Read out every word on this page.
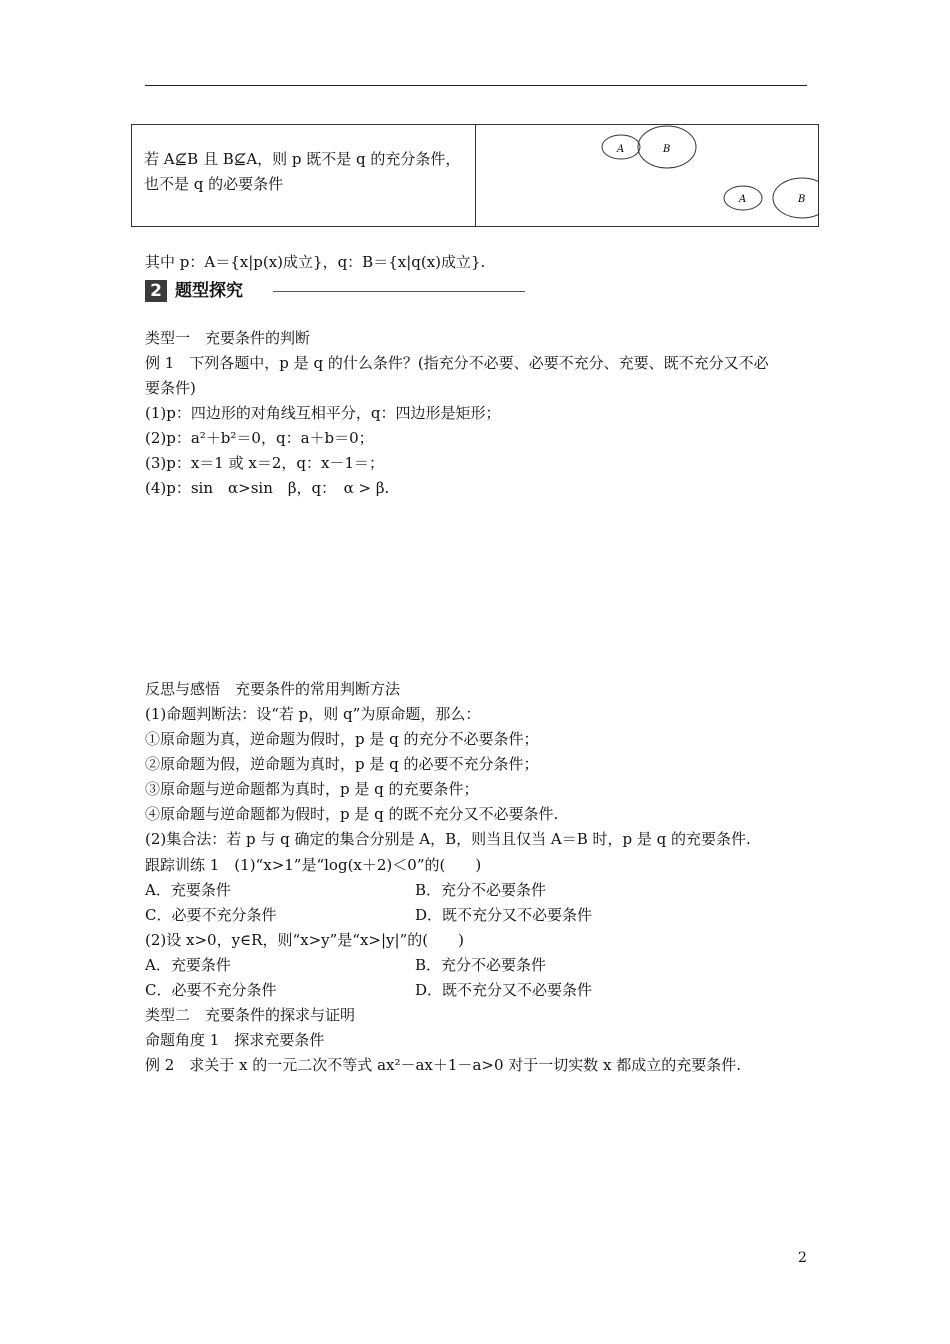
若 A⊈B 且 B⊈A，则 p 既不是 q 的充分条件，也不是 q 的必要条件
A	B
A	B
其中 p：A＝{x|p(x)成立}，q：B＝{x|q(x)成立}.
2 题型探究
类型一　充要条件的判断
例 1　下列各题中，p 是 q 的什么条件？(指充分不必要、必要不充分、充要、既不充分又不必
要条件)
(1)p：四边形的对角线互相平分，q：四边形是矩形；
(2)p：a²＋b²＝0，q：a＋b＝0；
(3)p：x＝1 或 x＝2，q：x－1＝；
(4)p：sin　α>sin　β，q：　α > β.
反思与感悟　充要条件的常用判断方法
(1)命题判断法：设“若 p，则 q”为原命题，那么：
①原命题为真，逆命题为假时，p 是 q 的充分不必要条件；
②原命题为假，逆命题为真时，p 是 q 的必要不充分条件；
③原命题与逆命题都为真时，p 是 q 的充要条件；
④原命题与逆命题都为假时，p 是 q 的既不充分又不必要条件.
(2)集合法：若 p 与 q 确定的集合分别是 A，B，则当且仅当 A＝B 时，p 是 q 的充要条件.
跟踪训练 1　(1)“x>1”是“log(x＋2)＜0”的(　　)
A．充要条件	B．充分不必要条件
C．必要不充分条件	D．既不充分又不必要条件
(2)设 x>0，y∈R，则“x>y”是“x>|y|”的(　　)
A．充要条件	B．充分不必要条件
C．必要不充分条件	D．既不充分又不必要条件
类型二　充要条件的探求与证明
命题角度 1　探求充要条件
例 2　求关于 x 的一元二次不等式 ax²－ax＋1－a>0 对于一切实数 x 都成立的充要条件.
2
